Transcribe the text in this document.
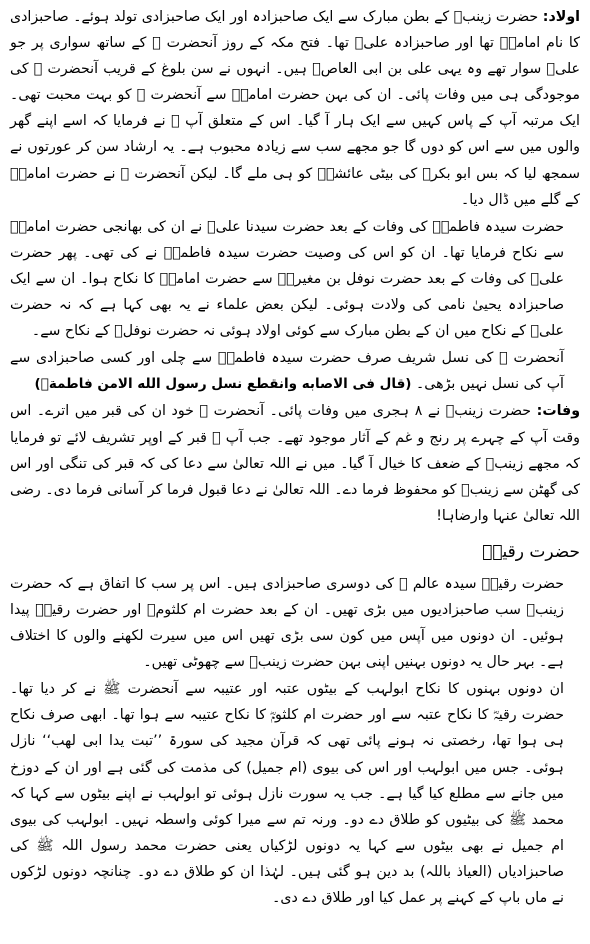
اولاد: حضرت زینبؓ کے بطن مبارک سے ایک صاحبزادہ اور ایک صاحبزادی تولد ہوئے۔ صاحبزادی کا نام امامہؓ تھا اور صاحبزادہ علیؓ تھا۔ فتح مکہ کے روز آنحضرت ﷺ کے ساتھ سواری پر جو علیؓ سوار تھے وہ یہی علی بن ابی العاصؓ ہیں۔ انہوں نے سن بلوغ کے قریب آنحضرت ﷺ کی موجودگی ہی میں وفات پائی۔ ان کی بہن حضرت امامہؓ سے آنحضرت ﷺ کو بہت محبت تھی۔ ایک مرتبہ آپ کے پاس کہیں سے ایک ہار آ گیا۔ اس کے متعلق آپ ﷺ نے فرمایا کہ اسے اپنے گھر والوں میں سے اس کو دوں گا جو مجھے سب سے زیادہ محبوب ہے۔ یہ ارشاد سن کر عورتوں نے سمجھ لیا کہ بس ابو بکرؓ کی بیٹی عائشہؓ کو ہی ملے گا۔ لیکن آنحضرت ﷺ نے حضرت امامہؓ کے گلے میں ڈال دیا۔

حضرت سیدہ فاطمہؓ کی وفات کے بعد حضرت سیدنا علیؓ نے ان کی بھانجی حضرت امامہؓ سے نکاح فرمایا تھا۔ ان کو اس کی وصیت حضرت سیدہ فاطمہؓ نے کی تھی۔ پھر حضرت علیؓ کی وفات کے بعد حضرت نوفل بن مغیرہؓ سے حضرت امامہؓ کا نکاح ہوا۔ ان سے ایک صاحبزادہ یحییٰ نامی کی ولادت ہوئی۔ لیکن بعض علماء نے یہ بھی کہا ہے کہ نہ حضرت علیؓ کے نکاح میں ان کے بطن مبارک سے کوئی اولاد ہوئی نہ حضرت نوفلؓ کے نکاح سے۔

آنحضرت ﷺ کی نسل شریف صرف حضرت سیدہ فاطمہؓ سے چلی اور کسی صاحبزادی سے آپ کی نسل نہیں بڑھی۔ (قال فی الاصابه وانقطع نسل رسول الله الامن فاطمةؓ)

وفات: حضرت زینبؓ نے ۸ ہجری میں وفات پائی۔ آنحضرت ﷺ خود ان کی قبر میں اترے۔ اس وقت آپ کے چہرے پر رنج و غم کے آثار موجود تھے۔ جب آپ ﷺ قبر کے اوپر تشریف لائے تو فرمایا کہ مجھے زینبؓ کے ضعف کا خیال آ گیا۔ میں نے اللہ تعالیٰ سے دعا کی کہ قبر کی تنگی اور اس کی گھٹن سے زینبؓ کو محفوظ فرما دے۔ اللہ تعالیٰ نے دعا قبول فرما کر آسانی فرما دی۔ رضی اللہ تعالیٰ عنہا وارضاہا!

حضرت رقیہؓ

حضرت رقیہؓ سیدہ عالم ﷺ کی دوسری صاحبزادی ہیں۔ اس پر سب کا اتفاق ہے کہ حضرت زینبؓ سب صاحبزادیوں میں بڑی تھیں۔ ان کے بعد حضرت ام کلثومؓ اور حضرت رقیہؓ پیدا ہوئیں۔ ان دونوں میں آپس میں کون سی بڑی تھیں اس میں سیرت لکھنے والوں کا اختلاف ہے۔ بہر حال یہ دونوں بہنیں اپنی بہن حضرت زینبؓ سے چھوٹی تھیں۔

ان دونوں بہنوں کا نکاح ابولہب کے بیٹوں عتبہ اور عتیبہ سے آنحضرت ﷺ نے کر دیا تھا۔ حضرت رقیہؓ کا نکاح عتبہ سے اور حضرت ام کلثومؓ کا نکاح عتیبہ سے ہوا تھا۔ ابھی صرف نکاح ہی ہوا تھا، رخصتی نہ ہونے پائی تھی کہ قرآن مجید کی سورۃ ’’تبت یدا ابی لھب‘‘ نازل ہوئی۔ جس میں ابولہب اور اس کی بیوی (ام جمیل) کی مذمت کی گئی ہے اور ان کے دوزخ میں جانے سے مطلع کیا گیا ہے۔ جب یہ سورت نازل ہوئی تو ابولہب نے اپنے بیٹوں سے کہا کہ محمد ﷺ کی بیٹیوں کو طلاق دے دو۔ ورنہ تم سے میرا کوئی واسطہ نہیں۔ ابولہب کی بیوی ام جمیل نے بھی بیٹوں سے کہا یہ دونوں لڑکیاں یعنی حضرت محمد رسول اللہ ﷺ کی صاحبزادیاں (العیاذ باللہ) بد دین ہو گئی ہیں۔ لہٰذا ان کو طلاق دے دو۔ چنانچہ دونوں لڑکوں نے ماں باپ کے کہنے پر عمل کیا اور طلاق دے دی۔
